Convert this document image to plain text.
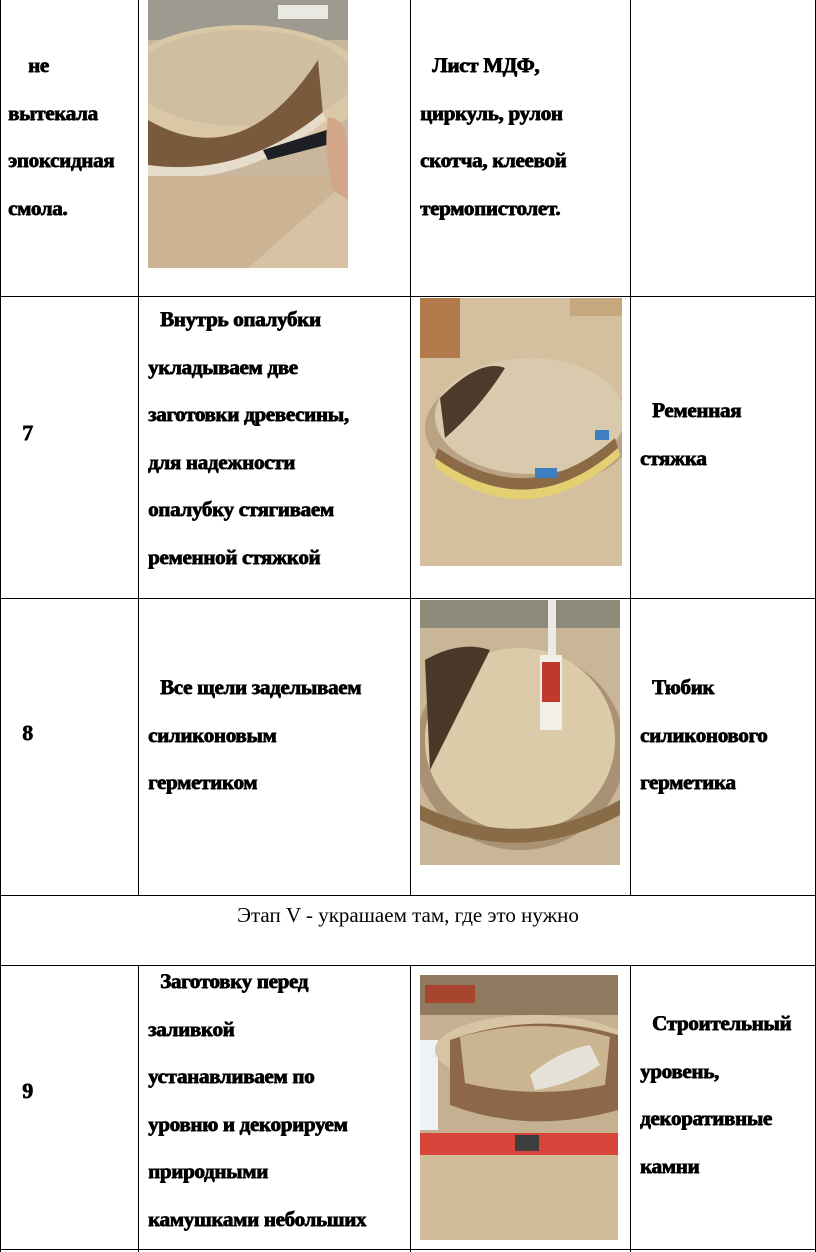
не
вытекала
эпоксидная
смола.
Лист МДФ,
циркуль, рулон
скотча, клеевой
термопистолет.
7
Внутрь опалубки
укладываем две
заготовки древесины,
для надежности
опалубку стягиваем
ременной стяжкой
Ременная
стяжка
8
Все щели заделываем
силиконовым
герметиком
Тюбик
силиконового
герметика
Этап V - украшаем там, где это нужно
9
Заготовку перед
заливкой
устанавливаем по
уровню и декорируем
природными
камушками небольших
Строительный
уровень,
декоративные
камни
